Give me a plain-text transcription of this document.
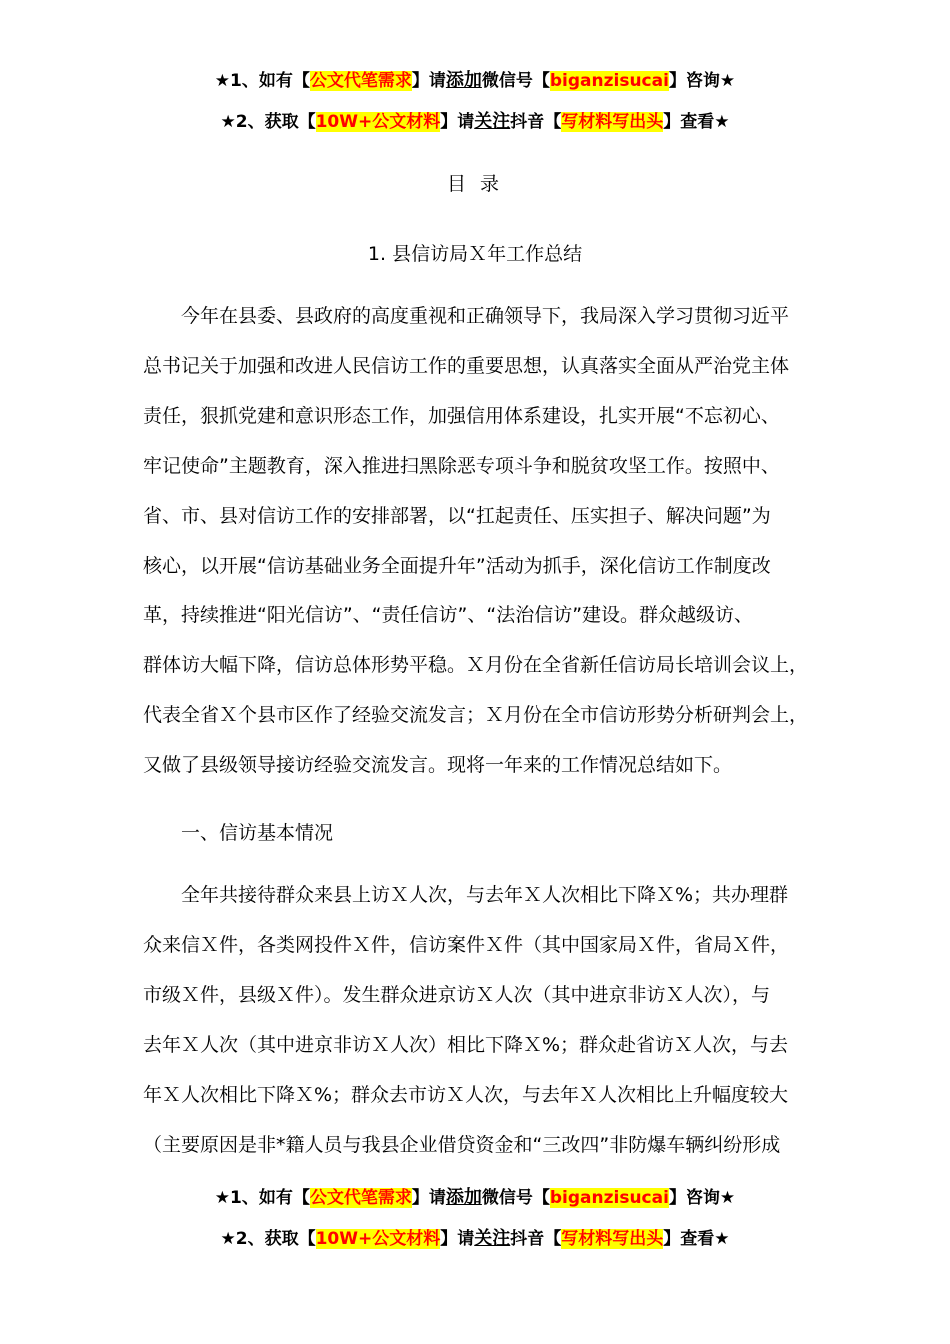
★1、如有【公文代笔需求】请添加微信号【biganzisucai】咨询★
★2、获取【10W+公文材料】请关注抖音【写材料写出头】查看★
目 录
1. 县信访局Ｘ年工作总结
　　今年在县委、县政府的高度重视和正确领导下，我局深入学习贯彻习近平
总书记关于加强和改进人民信访工作的重要思想，认真落实全面从严治党主体
责任，狠抓党建和意识形态工作，加强信用体系建设，扎实开展“不忘初心、
牢记使命”主题教育，深入推进扫黑除恶专项斗争和脱贫攻坚工作。按照中、
省、市、县对信访工作的安排部署，以“扛起责任、压实担子、解决问题”为
核心，以开展“信访基础业务全面提升年”活动为抓手，深化信访工作制度改
革，持续推进“阳光信访”、“责任信访”、“法治信访”建设。群众越级访、
群体访大幅下降，信访总体形势平稳。Ｘ月份在全省新任信访局长培训会议上，
代表全省Ｘ个县市区作了经验交流发言；Ｘ月份在全市信访形势分析研判会上，
又做了县级领导接访经验交流发言。现将一年来的工作情况总结如下。
一、信访基本情况
　　全年共接待群众来县上访Ｘ人次，与去年Ｘ人次相比下降Ｘ%；共办理群
众来信Ｘ件，各类网投件Ｘ件，信访案件Ｘ件（其中国家局Ｘ件，省局Ｘ件，
市级Ｘ件，县级Ｘ件）。发生群众进京访Ｘ人次（其中进京非访Ｘ人次），与
去年Ｘ人次（其中进京非访Ｘ人次）相比下降Ｘ%；群众赴省访Ｘ人次，与去
年Ｘ人次相比下降Ｘ%；群众去市访Ｘ人次，与去年Ｘ人次相比上升幅度较大
（主要原因是非*籍人员与我县企业借贷资金和“三改四”非防爆车辆纠纷形成
★1、如有【公文代笔需求】请添加微信号【biganzisucai】咨询★
★2、获取【10W+公文材料】请关注抖音【写材料写出头】查看★
